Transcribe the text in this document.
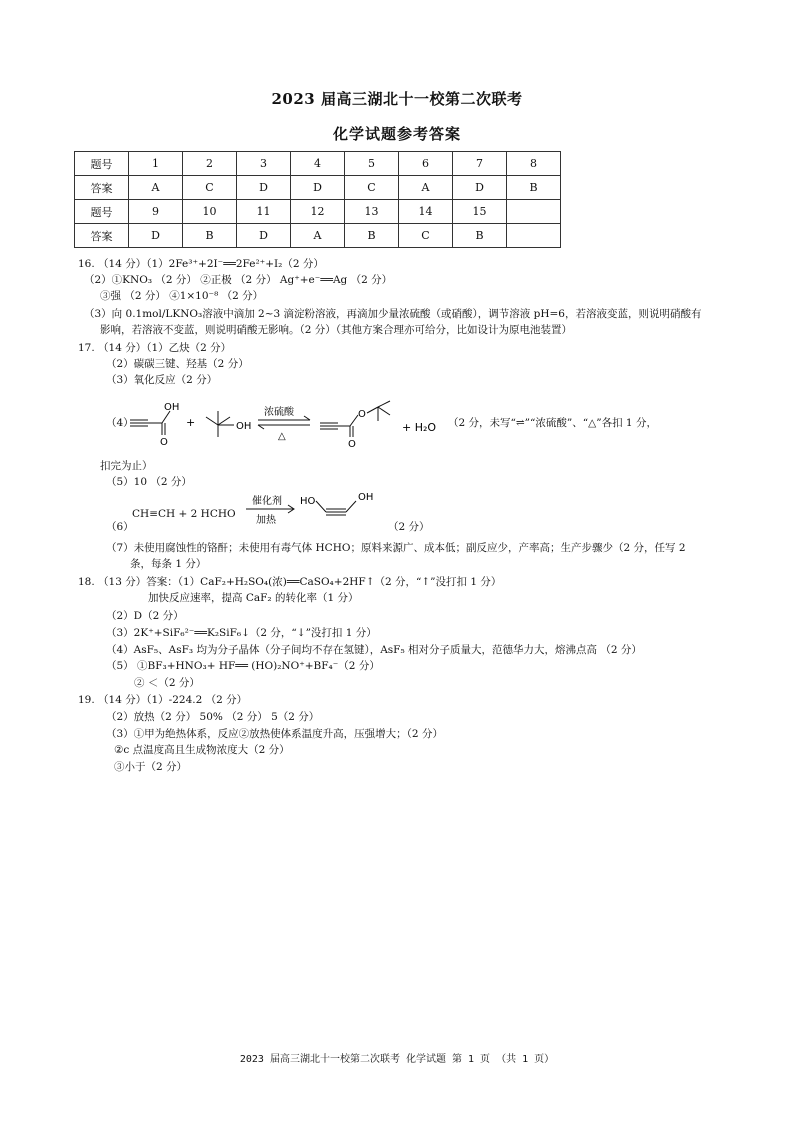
2023 届高三湖北十一校第二次联考
化学试题参考答案
题号	1	2	3	4	5	6	7	8
答案	A	C	D	D	C	A	D	B
题号	9	10	11	12	13	14	15	
答案	D	B	D	A	B	C	B	
16. （14 分）（1）2Fe³⁺+2I⁻══2Fe²⁺+I₂（2 分）
（2）①KNO₃ （2 分） ②正极 （2 分） Ag⁺+e⁻══Ag （2 分）
③强 （2 分） ④1×10⁻⁸ （2 分）
（3）向 0.1mol/LKNO₃溶液中滴加 2~3 滴淀粉溶液，再滴加少量浓硫酸（或硝酸），调节溶液 pH=6，若溶液变蓝，则说明硝酸有
影响，若溶液不变蓝，则说明硝酸无影响。（2 分）（其他方案合理亦可给分，比如设计为原电池装置）
17. （14 分）（1）乙炔（2 分）
（2）碳碳三键、羟基（2 分）
（3）氧化反应（2 分）
（4）
OH
O
+	OH
浓硫酸
△
O
O
+ H₂O （2 分，未写“⇌”“浓硫酸”、“△”各扣 1 分，
扣完为止）
（5）10 （2 分）
（6）
CH≡CH + 2 HCHO
催化剂
加热
HO	OH
（2 分）
（7）未使用腐蚀性的铬酐；未使用有毒气体 HCHO；原料来源广、成本低；副反应少，产率高；生产步骤少（2 分，任写 2
条，每条 1 分）
18. （13 分）答案：（1）CaF₂+H₂SO₄(浓)══CaSO₄+2HF↑（2 分，“↑”没打扣 1 分）
加快反应速率，提高 CaF₂ 的转化率（1 分）
（2）D（2 分）
（3）2K⁺+SiF₆²⁻══K₂SiF₆↓（2 分，“↓”没打扣 1 分）
（4）AsF₅、AsF₃ 均为分子晶体（分子间均不存在氢键），AsF₅ 相对分子质量大，范德华力大，熔沸点高 （2 分）
（5） ①BF₃+HNO₃+ HF══ (HO)₂NO⁺+BF₄⁻（2 分）
② ＜（2 分）
19. （14 分）（1）-224.2 （2 分）
（2）放热（2 分） 50% （2 分） 5（2 分）
（3）①甲为绝热体系，反应②放热使体系温度升高，压强增大；（2 分）
②c 点温度高且生成物浓度大（2 分）
③小于（2 分）
2023 届高三湖北十一校第二次联考 化学试题 第 1 页 （共 1 页）
